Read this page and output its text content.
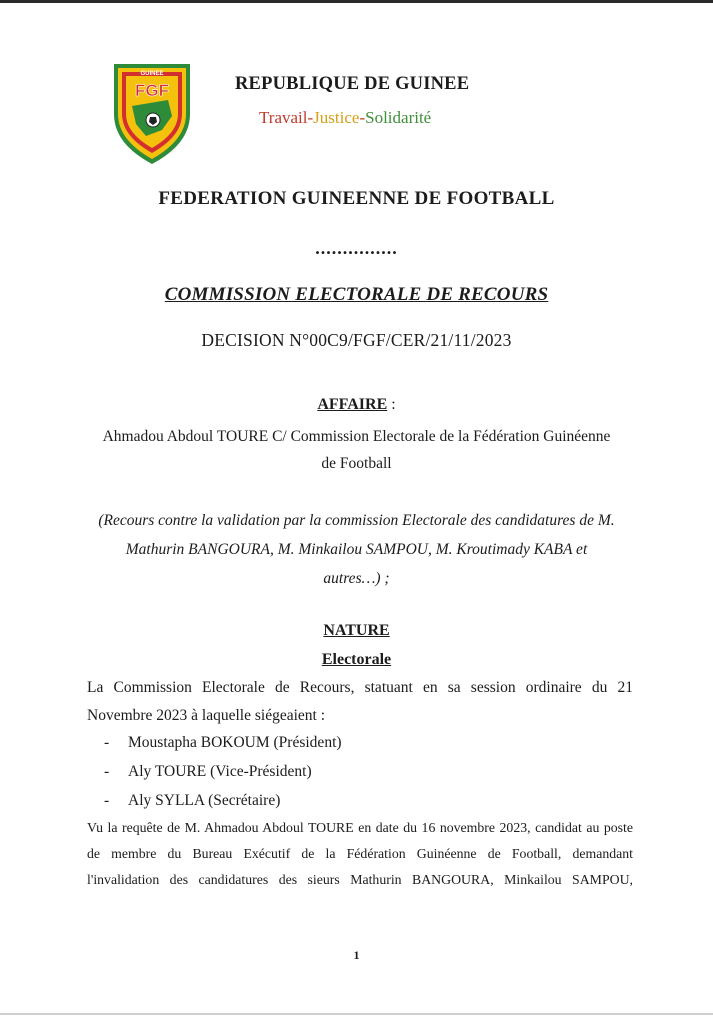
GUINEE
FGF	REPUBLIQUE DE GUINEE
Travail-Justice-Solidarité
FEDERATION GUINEENNE DE FOOTBALL
...............
COMMISSION ELECTORALE DE RECOURS
DECISION N°00C9/FGF/CER/21/11/2023
AFFAIRE :
Ahmadou Abdoul TOURE C/ Commission Electorale de la Fédération Guinéenne
de Football
(Recours contre la validation par la commission Electorale des candidatures de M.
Mathurin BANGOURA, M. Minkailou SAMPOU, M. Kroutimady KABA et
autres…) ;
NATURE
Electorale
La Commission Electorale de Recours, statuant en sa session ordinaire du 21
Novembre 2023 à laquelle siégeaient :
- Moustapha BOKOUM (Président)
- Aly TOURE (Vice-Président)
- Aly SYLLA (Secrétaire)
Vu la requête de M. Ahmadou Abdoul TOURE en date du 16 novembre 2023, candidat au poste
de membre du Bureau Exécutif de la Fédération Guinéenne de Football, demandant
l'invalidation des candidatures des sieurs Mathurin BANGOURA, Minkailou SAMPOU,
1
